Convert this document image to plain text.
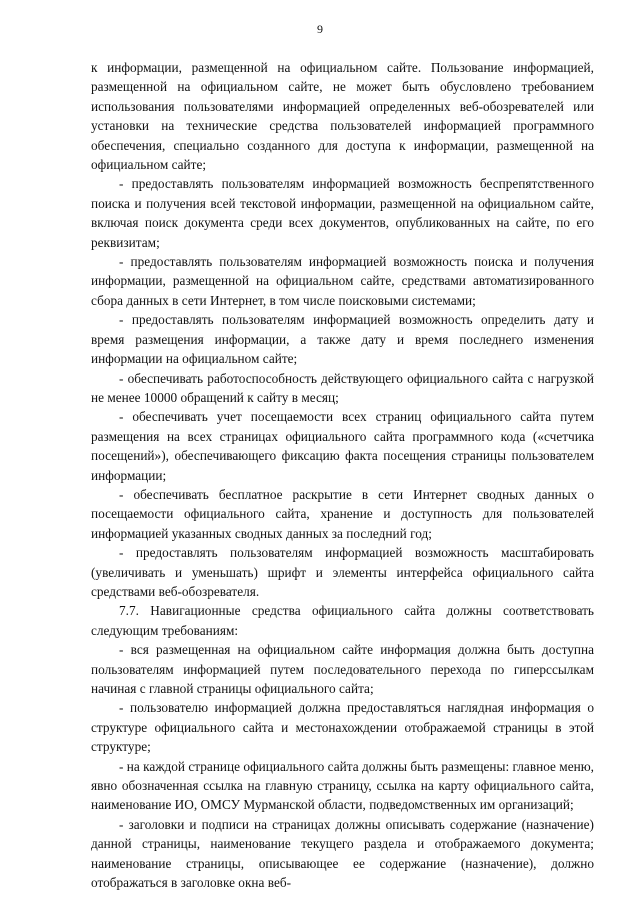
9

к информации, размещенной на официальном сайте. Пользование информацией, размещенной на официальном сайте, не может быть обусловлено требованием использования пользователями информацией определенных веб-обозревателей или установки на технические средства пользователей информацией программного обеспечения, специально созданного для доступа к информации, размещенной на официальном сайте;

- предоставлять пользователям информацией возможность беспрепятственного поиска и получения всей текстовой информации, размещенной на официальном сайте, включая поиск документа среди всех документов, опубликованных на сайте, по его реквизитам;

- предоставлять пользователям информацией возможность поиска и получения информации, размещенной на официальном сайте, средствами автоматизированного сбора данных в сети Интернет, в том числе поисковыми системами;

- предоставлять пользователям информацией возможность определить дату и время размещения информации, а также дату и время последнего изменения информации на официальном сайте;

- обеспечивать работоспособность действующего официального сайта с нагрузкой не менее 10000 обращений к сайту в месяц;

- обеспечивать учет посещаемости всех страниц официального сайта путем размещения на всех страницах официального сайта программного кода («счетчика посещений»), обеспечивающего фиксацию факта посещения страницы пользователем информации;

- обеспечивать бесплатное раскрытие в сети Интернет сводных данных о посещаемости официального сайта, хранение и доступность для пользователей информацией указанных сводных данных за последний год;

- предоставлять пользователям информацией возможность масштабировать (увеличивать и уменьшать) шрифт и элементы интерфейса официального сайта средствами веб-обозревателя.

7.7. Навигационные средства официального сайта должны соответствовать следующим требованиям:

- вся размещенная на официальном сайте информация должна быть доступна пользователям информацией путем последовательного перехода по гиперссылкам начиная с главной страницы официального сайта;

- пользователю информацией должна предоставляться наглядная информация о структуре официального сайта и местонахождении отображаемой страницы в этой структуре;

- на каждой странице официального сайта должны быть размещены: главное меню, явно обозначенная ссылка на главную страницу, ссылка на карту официального сайта, наименование ИО, ОМСУ Мурманской области, подведомственных им организаций;

- заголовки и подписи на страницах должны описывать содержание (назначение) данной страницы, наименование текущего раздела и отображаемого документа; наименование страницы, описывающее ее содержание (назначение), должно отображаться в заголовке окна веб-
